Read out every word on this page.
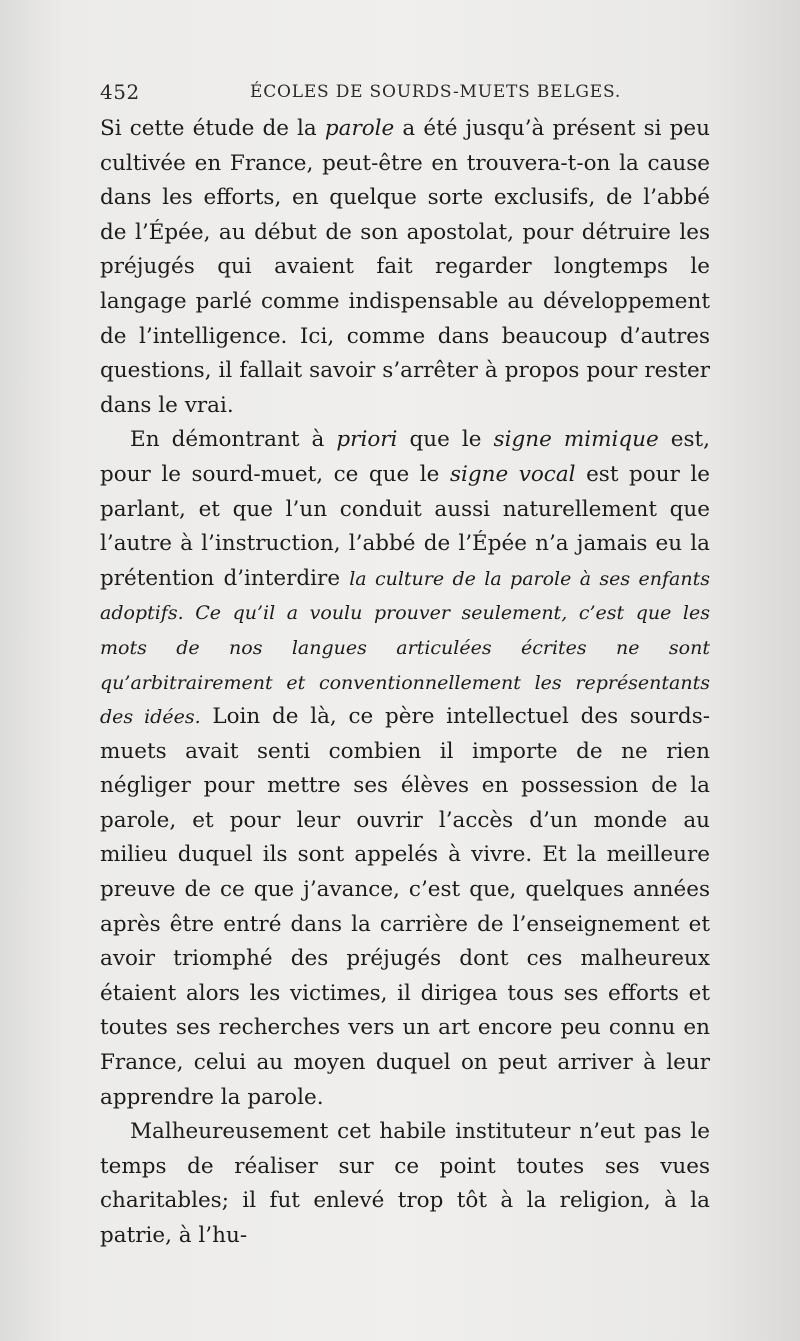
452	ÉCOLES DE SOURDS-MUETS BELGES.

Si cette étude de la parole a été jusqu’à présent si peu cultivée en France, peut-être en trouvera-t-on la cause dans les efforts, en quelque sorte exclusifs, de l’abbé de l’Épée, au début de son apostolat, pour détruire les préjugés qui avaient fait regarder longtemps le langage parlé comme indispensable au développement de l’intelligence. Ici, comme dans beaucoup d’autres questions, il fallait savoir s’arrêter à propos pour rester dans le vrai.

En démontrant à priori que le signe mimique est, pour le sourd-muet, ce que le signe vocal est pour le parlant, et que l’un conduit aussi naturellement que l’autre à l’instruction, l’abbé de l’Épée n’a jamais eu la prétention d’interdire la culture de la parole à ses enfants adoptifs. Ce qu’il a voulu prouver seulement, c’est que les mots de nos langues articulées écrites ne sont qu’arbitrairement et conventionnellement les représentants des idées. Loin de là, ce père intellectuel des sourds-muets avait senti combien il importe de ne rien négliger pour mettre ses élèves en possession de la parole, et pour leur ouvrir l’accès d’un monde au milieu duquel ils sont appelés à vivre. Et la meilleure preuve de ce que j’avance, c’est que, quelques années après être entré dans la carrière de l’enseignement et avoir triomphé des préjugés dont ces malheureux étaient alors les victimes, il dirigea tous ses efforts et toutes ses recherches vers un art encore peu connu en France, celui au moyen duquel on peut arriver à leur apprendre la parole.

Malheureusement cet habile instituteur n’eut pas le temps de réaliser sur ce point toutes ses vues charitables; il fut enlevé trop tôt à la religion, à la patrie, à l’hu-
